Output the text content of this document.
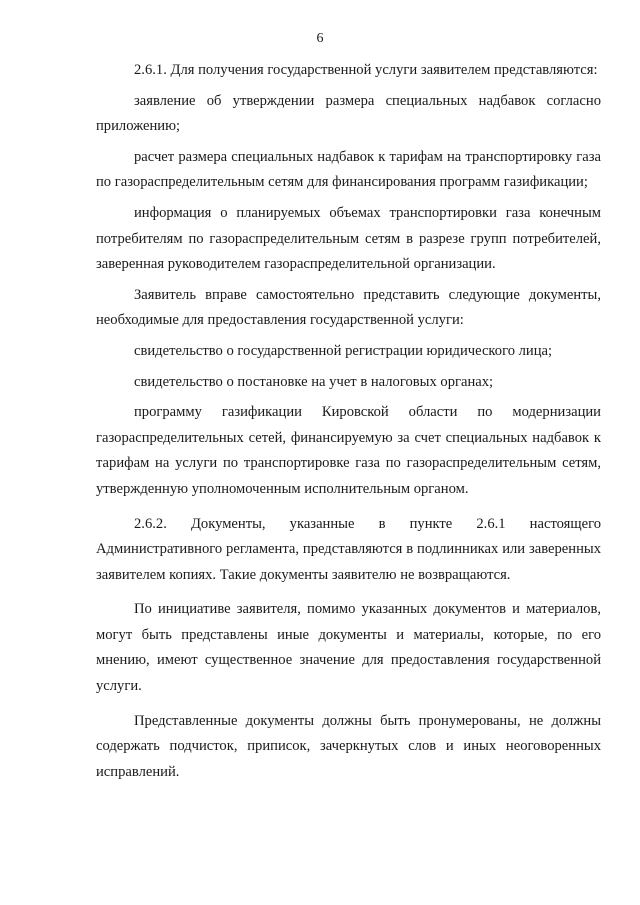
6

2.6.1. Для получения государственной услуги заявителем представляются:

заявление об утверждении размера специальных надбавок согласно приложению;

расчет размера специальных надбавок к тарифам на транспортировку газа по газораспределительным сетям для финансирования программ газификации;

информация о планируемых объемах транспортировки газа конечным потребителям по газораспределительным сетям в разрезе групп потребителей, заверенная руководителем газораспределительной организации.

Заявитель вправе самостоятельно представить следующие документы, необходимые для предоставления государственной услуги:

свидетельство о государственной регистрации юридического лица;

свидетельство о постановке на учет в налоговых органах;

программу газификации Кировской области по модернизации газораспределительных сетей, финансируемую за счет специальных надбавок к тарифам на услуги по транспортировке газа по газораспределительным сетям, утвержденную уполномоченным исполнительным органом.

2.6.2. Документы, указанные в пункте 2.6.1 настоящего Административного регламента, представляются в подлинниках или заверенных заявителем копиях. Такие документы заявителю не возвращаются.

По инициативе заявителя, помимо указанных документов и материалов, могут быть представлены иные документы и материалы, которые, по его мнению, имеют существенное значение для предоставления государственной услуги.

Представленные документы должны быть пронумерованы, не должны содержать подчисток, приписок, зачеркнутых слов и иных неоговоренных исправлений.
